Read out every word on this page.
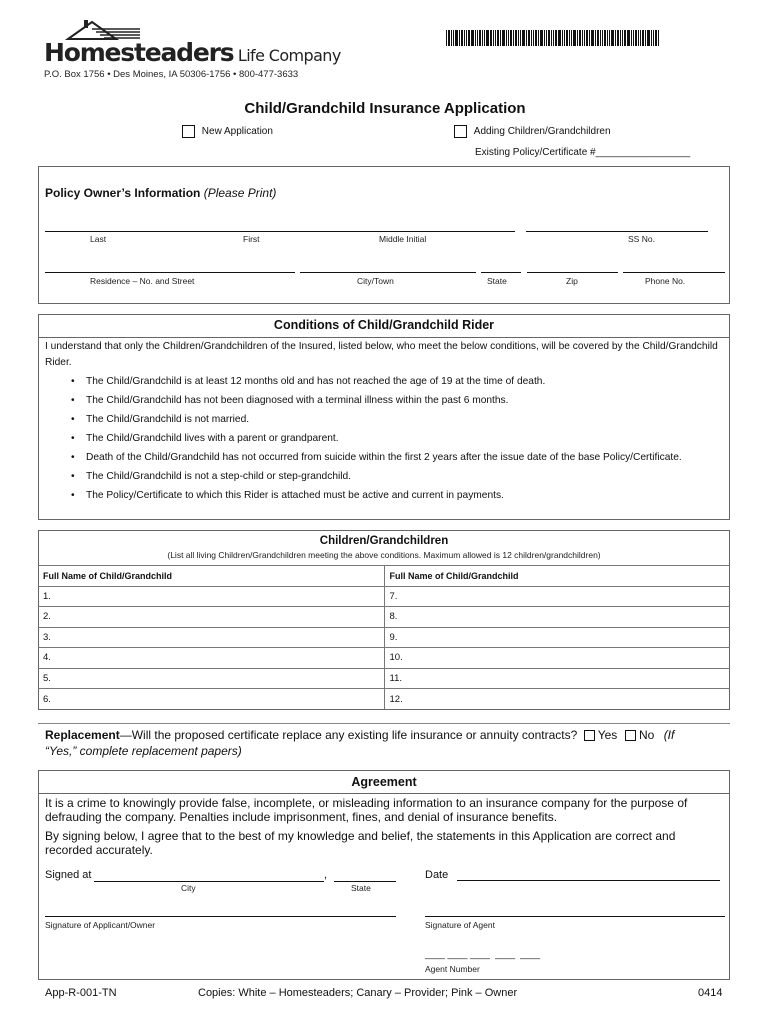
Homesteaders Life Company
P.O. Box 1756 • Des Moines, IA 50306-1756 • 800-477-3633
Child/Grandchild Insurance Application
New Application	Adding Children/Grandchildren
Existing Policy/Certificate #_________________
Policy Owner’s Information (Please Print)
Last	First	Middle Initial	SS No.
Residence – No. and Street	City/Town	State	Zip	Phone No.
Conditions of Child/Grandchild Rider
I understand that only the Children/Grandchildren of the Insured, listed below, who meet the below conditions, will be covered by the Child/Grandchild Rider.
• The Child/Grandchild is at least 12 months old and has not reached the age of 19 at the time of death.
• The Child/Grandchild has not been diagnosed with a terminal illness within the past 6 months.
• The Child/Grandchild is not married.
• The Child/Grandchild lives with a parent or grandparent.
• Death of the Child/Grandchild has not occurred from suicide within the first 2 years after the issue date of the base Policy/Certificate.
• The Child/Grandchild is not a step-child or step-grandchild.
• The Policy/Certificate to which this Rider is attached must be active and current in payments.
Children/Grandchildren
(List all living Children/Grandchildren meeting the above conditions. Maximum allowed is 12 children/grandchildren)
Full Name of Child/Grandchild	Full Name of Child/Grandchild
1.	7.
2.	8.
3.	9.
4.	10.
5.	11.
6.	12.
Replacement—Will the proposed certificate replace any existing life insurance or annuity contracts? Yes No (If
“Yes,” complete replacement papers)
Agreement
It is a crime to knowingly provide false, incomplete, or misleading information to an insurance company for the purpose of defrauding the company. Penalties include imprisonment, fines, and denial of insurance benefits.
By signing below, I agree that to the best of my knowledge and belief, the statements in this Application are correct and recorded accurately.
Signed at	,
City	State
Date
Signature of Applicant/Owner	Signature of Agent
____ ____ ____  ____  ____
Agent Number
App-R-001-TN	Copies: White – Homesteaders; Canary – Provider; Pink – Owner	0414
